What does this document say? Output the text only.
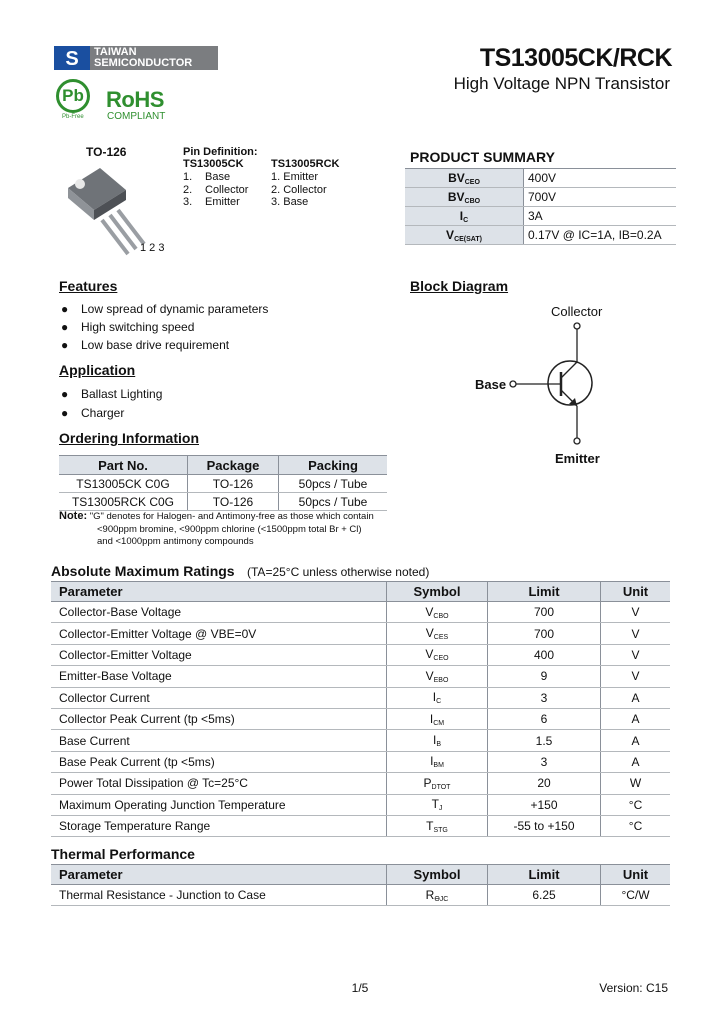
S TAIWAN
SEMICONDUCTOR	TS13005CK/RCK
High Voltage NPN Transistor
Pb
Pb-Free
RoHS
COMPLIANT
TO-126
1 2 3
Pin Definition:
TS13005CK TS13005RCK
1. Base
2. Collector
3. Emitter
1. Emitter
2. Collector
3. Base
PRODUCT SUMMARY
$BV_{CEO}$	400V
$BV_{CBO}$	700V
$I_C$	3A
$V_{CE(SAT)}$	0.17V @ IC=1A, IB=0.2A
Features
● Low spread of dynamic parameters
● High switching speed
● Low base drive requirement
Application
● Ballast Lighting
● Charger
Ordering Information
Part No.	Package	Packing
TS13005CK C0G	TO-126	50pcs / Tube
TS13005RCK C0G	TO-126	50pcs / Tube
Note: "G" denotes for Halogen- and Antimony-free as those which contain
<900ppm bromine, <900ppm chlorine (<1500ppm total Br + Cl)
and <1000ppm antimony compounds
Block Diagram
Collector
Base
Emitter
Absolute Maximum Ratings (TA=25°C unless otherwise noted)
Parameter	Symbol	Limit	Unit
Collector-Base Voltage	$V_{CBO}$	700	V
Collector-Emitter Voltage @ VBE=0V	$V_{CES}$	700	V
Collector-Emitter Voltage	$V_{CEO}$	400	V
Emitter-Base Voltage	$V_{EBO}$	9	V
Collector Current	$I_C$	3	A
Collector Peak Current (tp <5ms)	$I_{CM}$	6	A
Base Current	$I_B$	1.5	A
Base Peak Current (tp <5ms)	$I_{BM}$	3	A
Power Total Dissipation @ Tc=25°C	$P_{DTOT}$	20	W
Maximum Operating Junction Temperature	$T_J$	+150	°C
Storage Temperature Range	$T_{STG}$	-55 to +150	°C
Thermal Performance
Parameter	Symbol	Limit	Unit
Thermal Resistance - Junction to Case	$R_{ӨJC}$	6.25	°C/W
1/5	Version: C15
